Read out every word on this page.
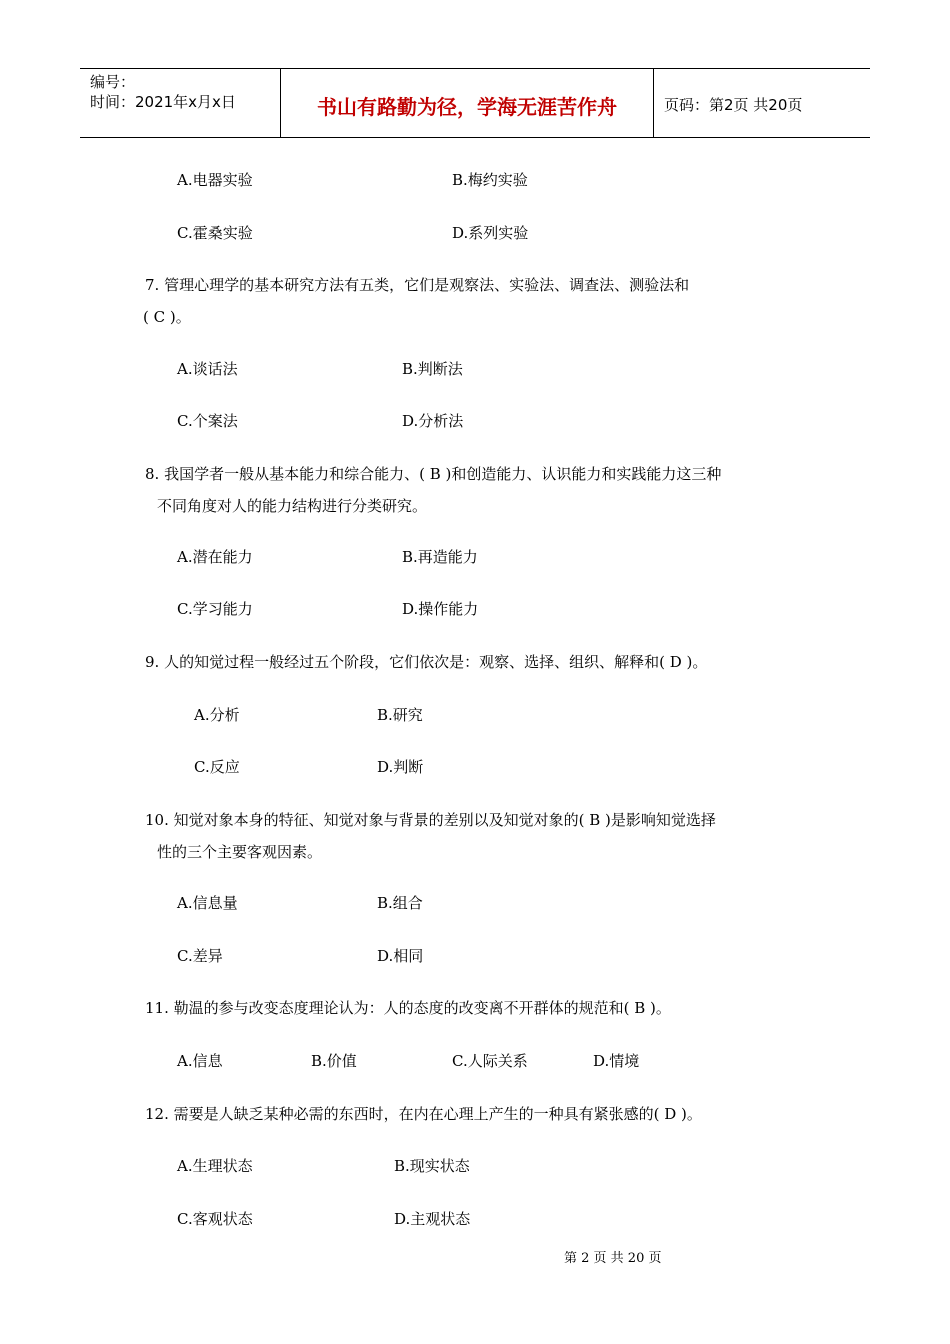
编号：
时间：2021年x月x日	书山有路勤为径，学海无涯苦作舟	页码：第2页 共20页
A.电器实验	B.梅约实验
C.霍桑实验	D.系列实验
7. 管理心理学的基本研究方法有五类，它们是观察法、实验法、调查法、测验法和
( C )。
A.谈话法	B.判断法
C.个案法	D.分析法
8. 我国学者一般从基本能力和综合能力、( B )和创造能力、认识能力和实践能力这三种
不同角度对人的能力结构进行分类研究。
A.潜在能力	B.再造能力
C.学习能力	D.操作能力
9. 人的知觉过程一般经过五个阶段，它们依次是：观察、选择、组织、解释和( D )。
A.分析	B.研究
C.反应	D.判断
10. 知觉对象本身的特征、知觉对象与背景的差别以及知觉对象的( B )是影响知觉选择
性的三个主要客观因素。
A.信息量	B.组合
C.差异	D.相同
11. 勒温的参与改变态度理论认为：人的态度的改变离不开群体的规范和( B )。
A.信息	B.价值	C.人际关系	D.情境
12. 需要是人缺乏某种必需的东西时，在内在心理上产生的一种具有紧张感的( D )。
A.生理状态	B.现实状态
C.客观状态	D.主观状态
第 2 页 共 20 页
